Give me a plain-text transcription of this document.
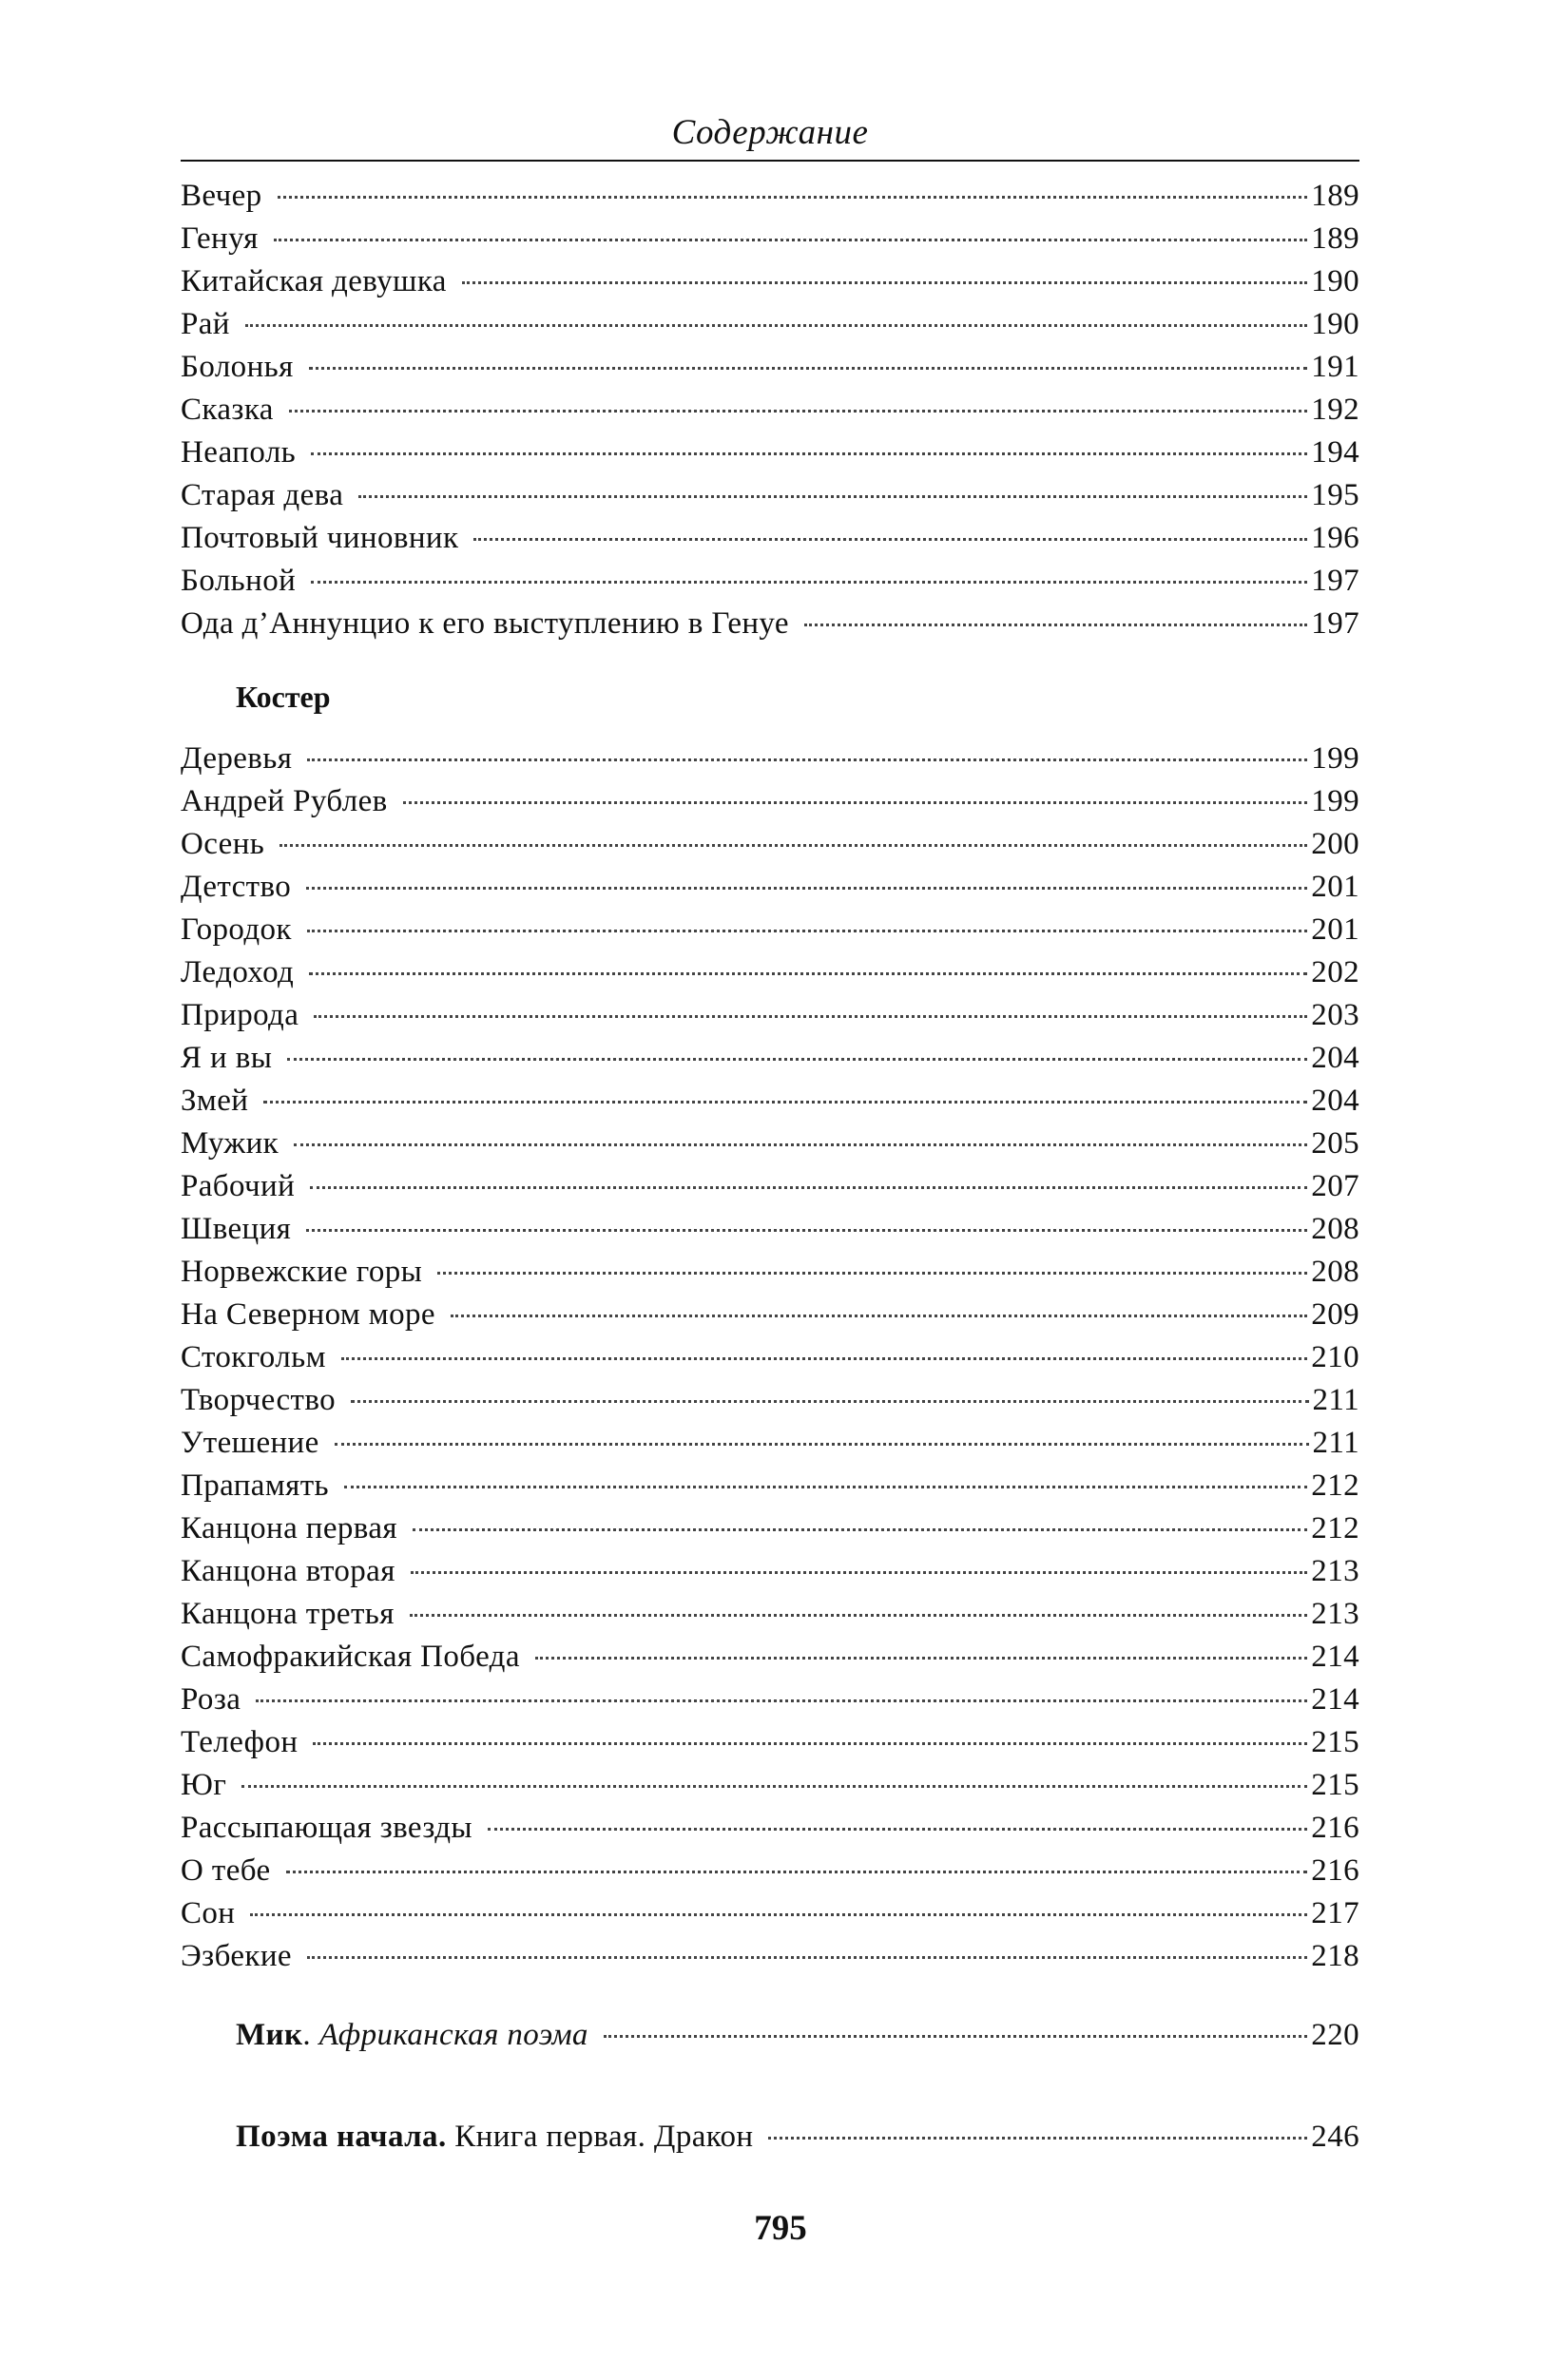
Содержание
Вечер	189
Генуя	189
Китайская девушка	190
Рай	190
Болонья	191
Сказка	192
Неаполь	194
Старая дева	195
Почтовый чиновник	196
Больной	197
Ода д’Аннунцио к его выступлению в Генуе	197
Костер
Деревья	199
Андрей Рублев	199
Осень	200
Детство	201
Городок	201
Ледоход	202
Природа	203
Я и вы	204
Змей	204
Мужик	205
Рабочий	207
Швеция	208
Норвежские горы	208
На Северном море	209
Стокгольм	210
Творчество	211
Утешение	211
Прапамять	212
Канцона первая	212
Канцона вторая	213
Канцона третья	213
Самофракийская Победа	214
Роза	214
Телефон	215
Юг	215
Рассыпающая звезды	216
О тебе	216
Сон	217
Эзбекие	218
Мик. Африканская поэма	220
Поэма начала. Книга первая. Дракон	246
795
